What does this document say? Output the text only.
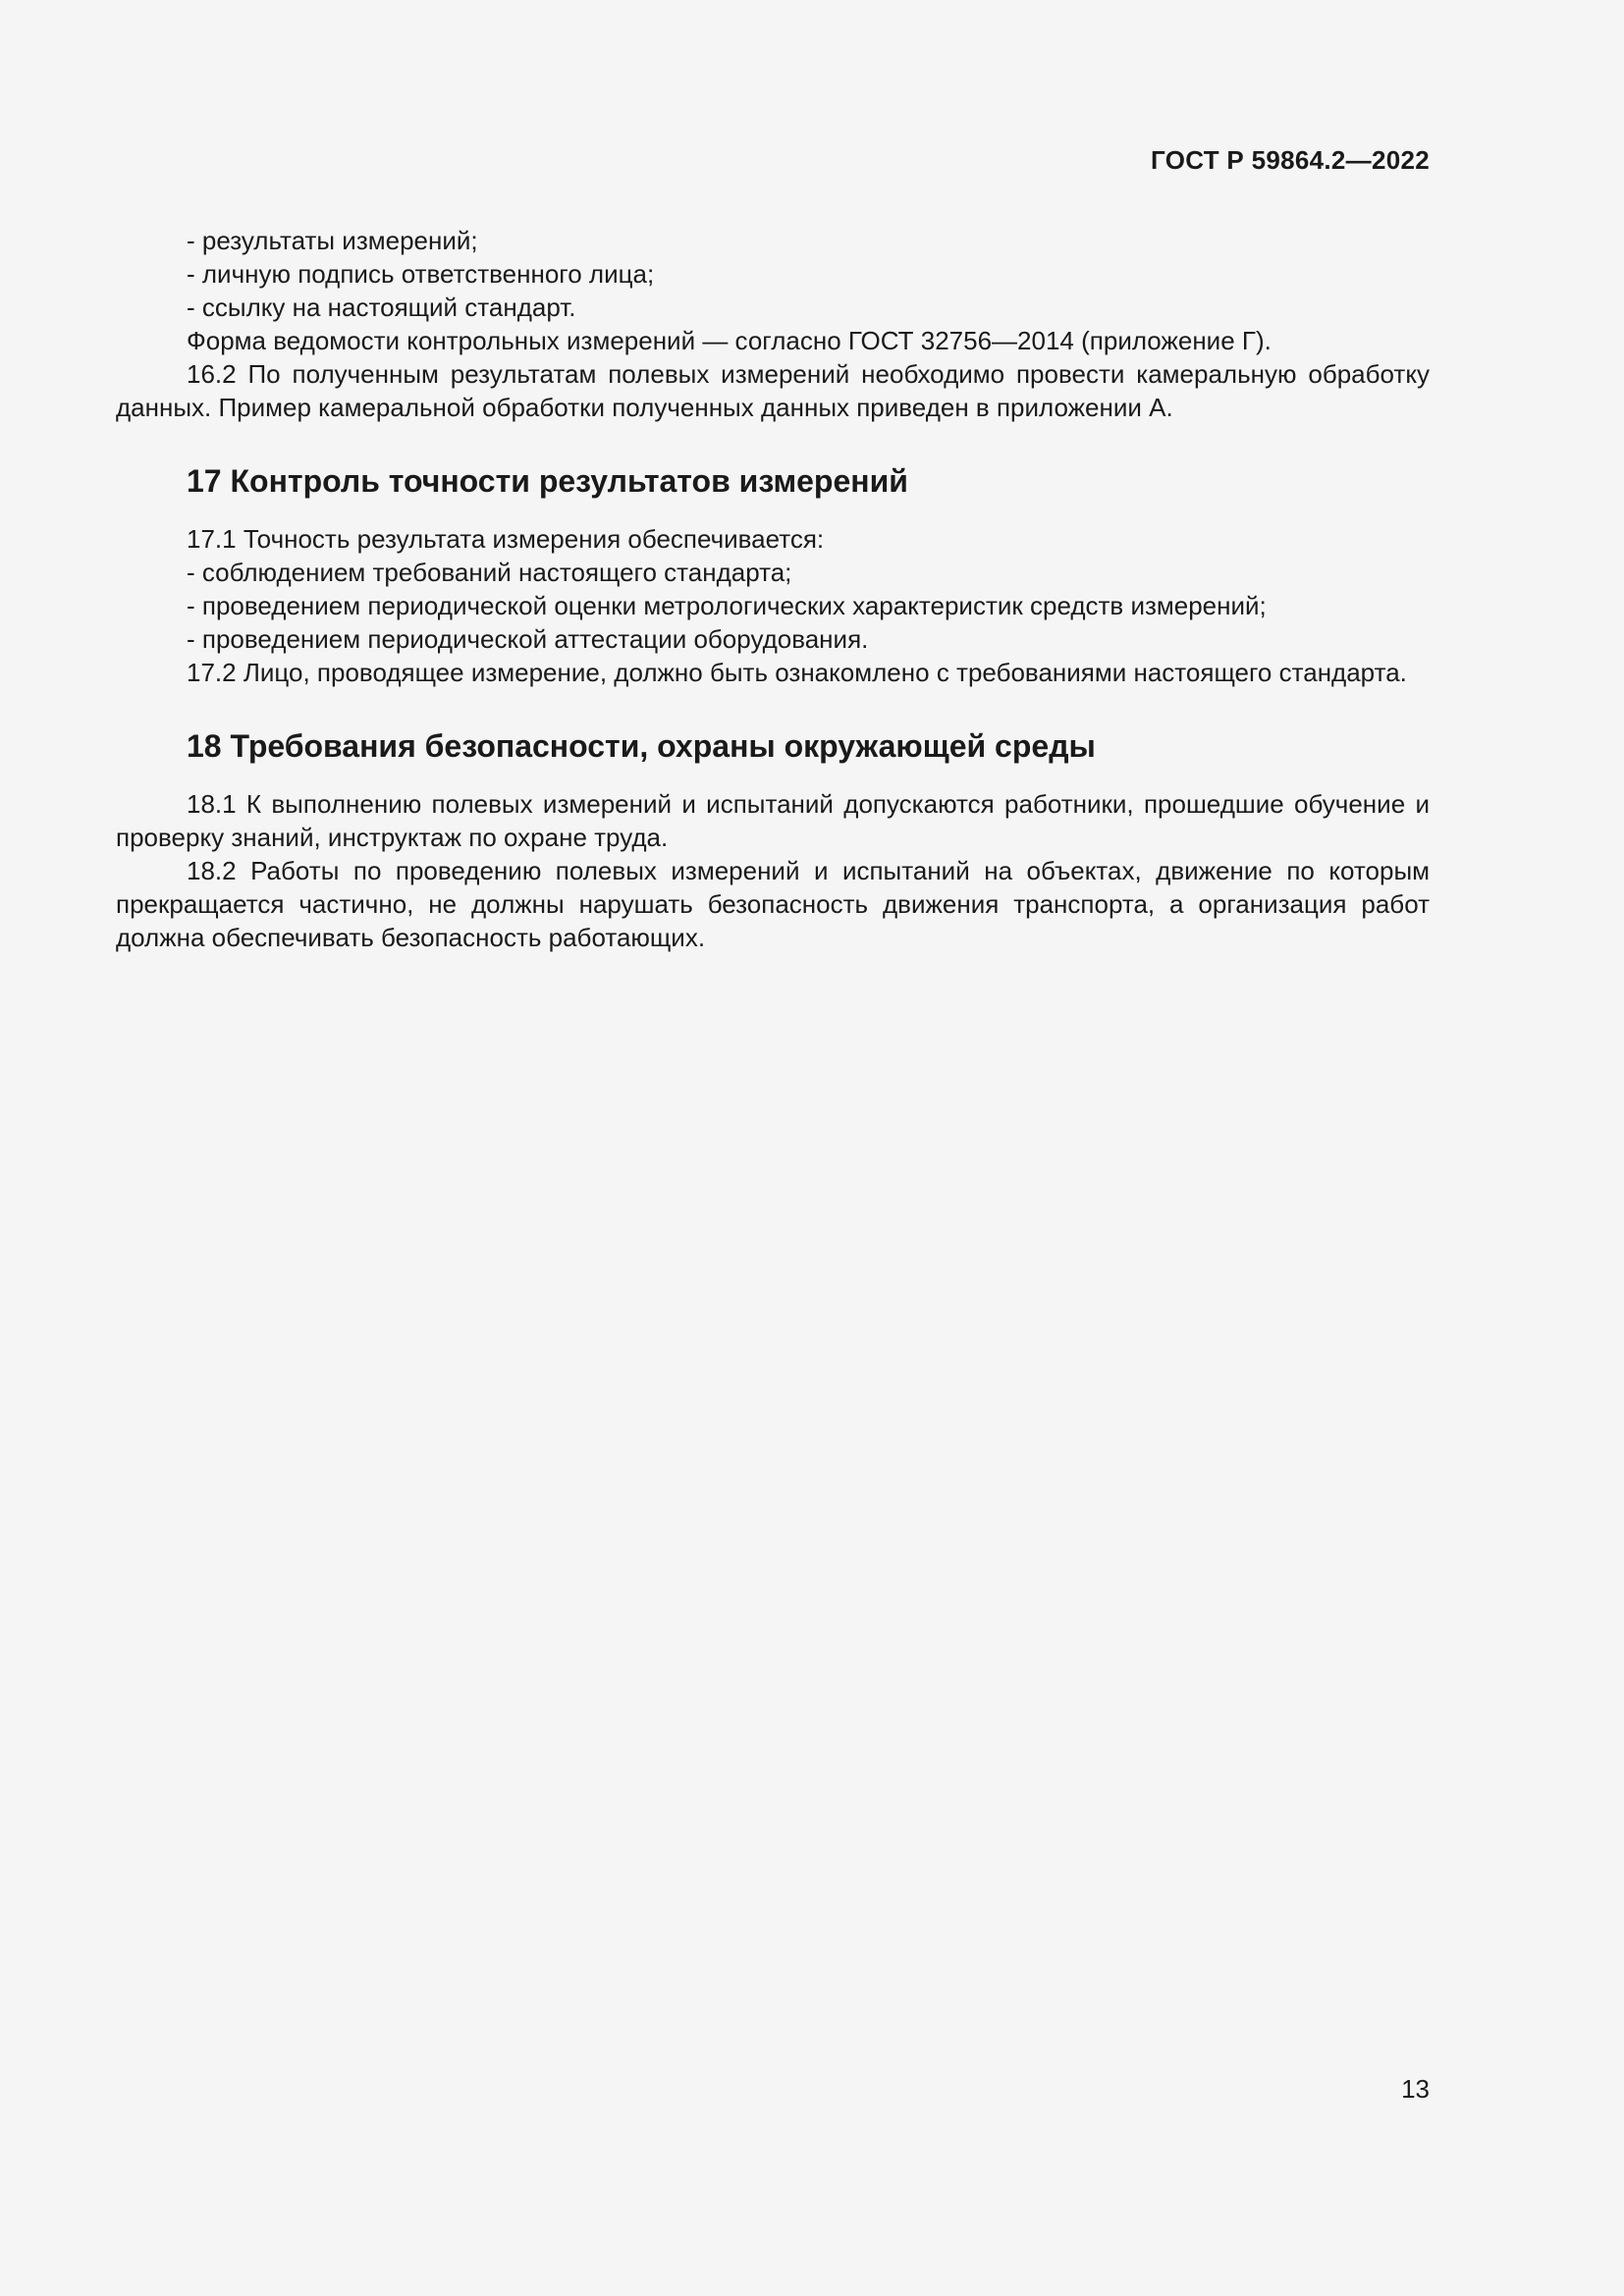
ГОСТ Р 59864.2—2022

- результаты измерений;

- личную подпись ответственного лица;

- ссылку на настоящий стандарт.

Форма ведомости контрольных измерений — согласно ГОСТ 32756—2014 (приложение Г).

16.2 По полученным результатам полевых измерений необходимо провести камеральную обработку данных. Пример камеральной обработки полученных данных приведен в приложении А.

17 Контроль точности результатов измерений

17.1 Точность результата измерения обеспечивается:

- соблюдением требований настоящего стандарта;

- проведением периодической оценки метрологических характеристик средств измерений;

- проведением периодической аттестации оборудования.

17.2 Лицо, проводящее измерение, должно быть ознакомлено с требованиями настоящего стандарта.

18 Требования безопасности, охраны окружающей среды

18.1 К выполнению полевых измерений и испытаний допускаются работники, прошедшие обучение и проверку знаний, инструктаж по охране труда.

18.2 Работы по проведению полевых измерений и испытаний на объектах, движение по которым прекращается частично, не должны нарушать безопасность движения транспорта, а организация работ должна обеспечивать безопасность работающих.

13
